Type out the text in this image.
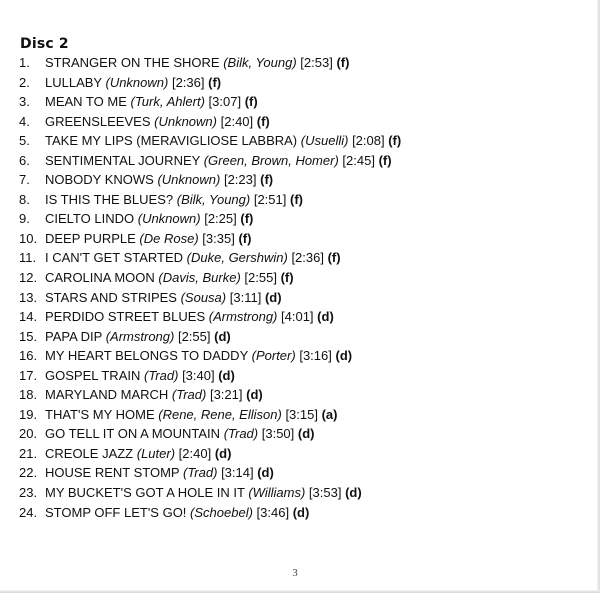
Disc 2
1. STRANGER ON THE SHORE (Bilk, Young) [2:53] (f)
2. LULLABY (Unknown) [2:36] (f)
3. MEAN TO ME (Turk, Ahlert) [3:07] (f)
4. GREENSLEEVES (Unknown) [2:40] (f)
5. TAKE MY LIPS (MERAVIGLIOSE LABBRA) (Usuelli) [2:08] (f)
6. SENTIMENTAL JOURNEY (Green, Brown, Homer) [2:45] (f)
7. NOBODY KNOWS (Unknown) [2:23] (f)
8. IS THIS THE BLUES? (Bilk, Young) [2:51] (f)
9. CIELTO LINDO (Unknown) [2:25] (f)
10. DEEP PURPLE (De Rose) [3:35] (f)
11. I CAN'T GET STARTED (Duke, Gershwin) [2:36] (f)
12. CAROLINA MOON (Davis, Burke) [2:55] (f)
13. STARS AND STRIPES (Sousa) [3:11] (d)
14. PERDIDO STREET BLUES (Armstrong) [4:01] (d)
15. PAPA DIP (Armstrong) [2:55] (d)
16. MY HEART BELONGS TO DADDY (Porter) [3:16] (d)
17. GOSPEL TRAIN (Trad) [3:40] (d)
18. MARYLAND MARCH (Trad) [3:21] (d)
19. THAT'S MY HOME (Rene, Rene, Ellison) [3:15] (a)
20. GO TELL IT ON A MOUNTAIN (Trad) [3:50] (d)
21. CREOLE JAZZ (Luter) [2:40] (d)
22. HOUSE RENT STOMP (Trad) [3:14] (d)
23. MY BUCKET'S GOT A HOLE IN IT (Williams) [3:53] (d)
24. STOMP OFF LET'S GO! (Schoebel) [3:46] (d)
3
